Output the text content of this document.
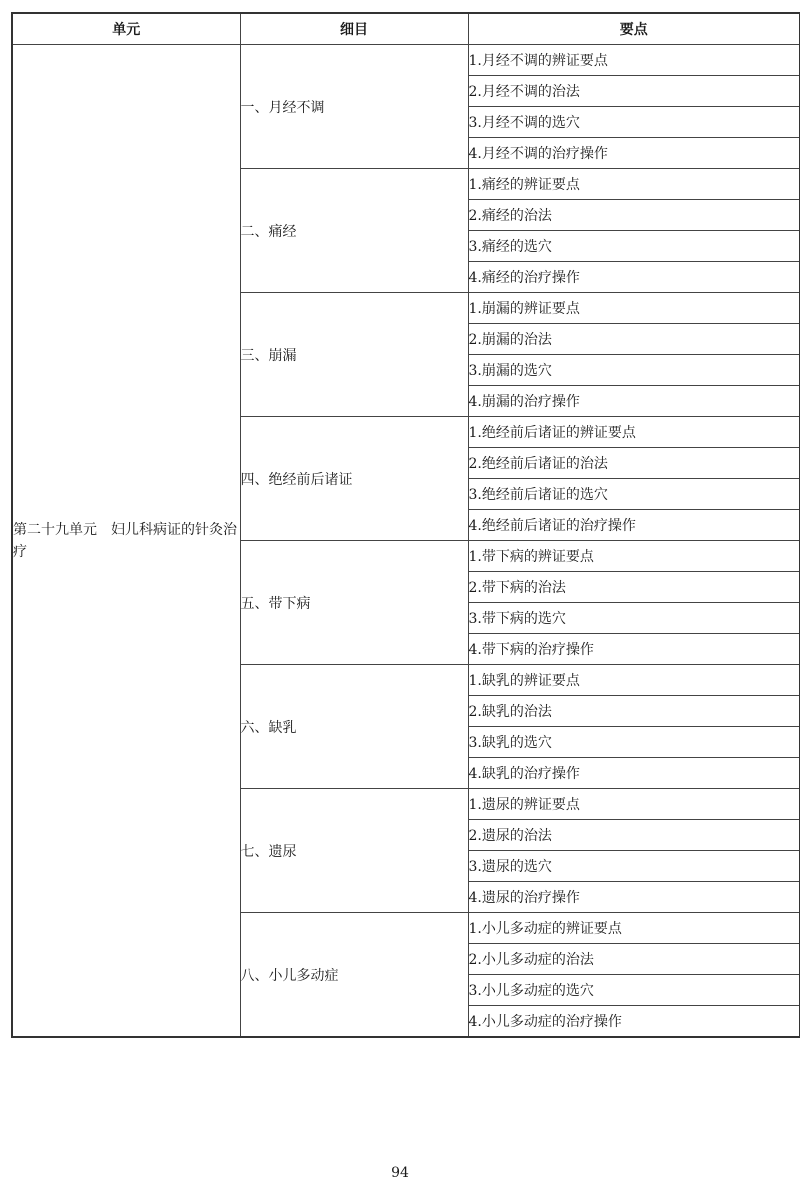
单元	细目	要点
第二十九单元　妇儿科病证的针灸治疗	一、月经不调	1.月经不调的辨证要点
		2.月经不调的治法
		3.月经不调的选穴
		4.月经不调的治疗操作
	二、痛经	1.痛经的辨证要点
		2.痛经的治法
		3.痛经的选穴
		4.痛经的治疗操作
	三、崩漏	1.崩漏的辨证要点
		2.崩漏的治法
		3.崩漏的选穴
		4.崩漏的治疗操作
	四、绝经前后诸证	1.绝经前后诸证的辨证要点
		2.绝经前后诸证的治法
		3.绝经前后诸证的选穴
		4.绝经前后诸证的治疗操作
	五、带下病	1.带下病的辨证要点
		2.带下病的治法
		3.带下病的选穴
		4.带下病的治疗操作
	六、缺乳	1.缺乳的辨证要点
		2.缺乳的治法
		3.缺乳的选穴
		4.缺乳的治疗操作
	七、遗尿	1.遗尿的辨证要点
		2.遗尿的治法
		3.遗尿的选穴
		4.遗尿的治疗操作
	八、小儿多动症	1.小儿多动症的辨证要点
		2.小儿多动症的治法
		3.小儿多动症的选穴
		4.小儿多动症的治疗操作
94
